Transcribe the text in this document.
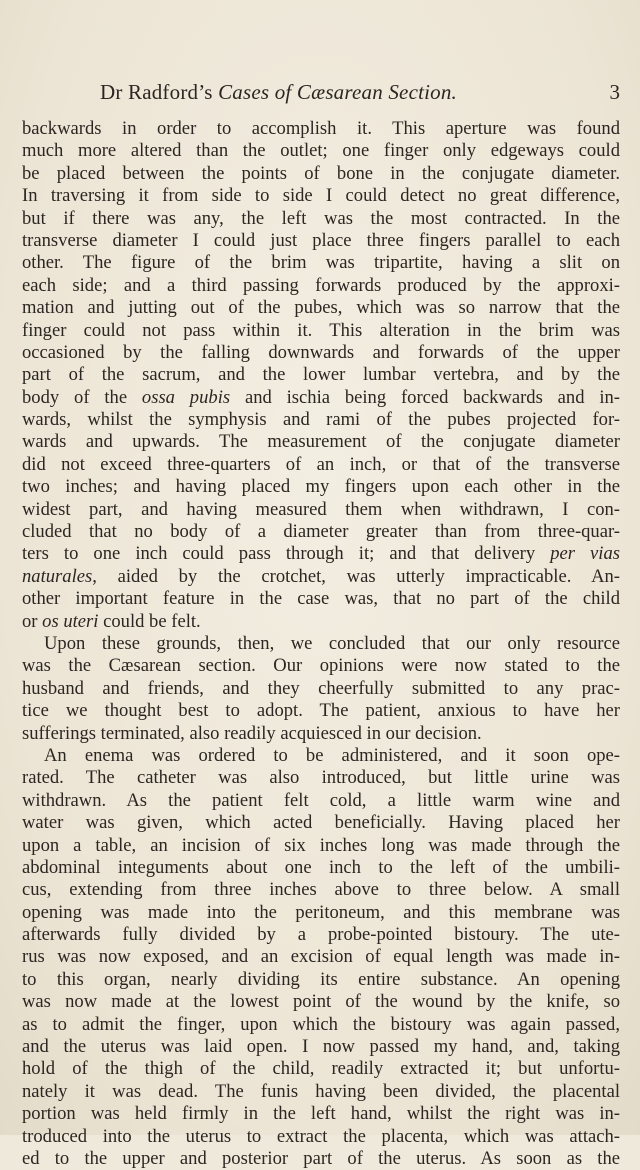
Dr Radford’s Cases of Cæsarean Section.	3
backwards in order to accomplish it. This aperture was found
much more altered than the outlet; one finger only edgeways could
be placed between the points of bone in the conjugate diameter.
In traversing it from side to side I could detect no great difference,
but if there was any, the left was the most contracted. In the
transverse diameter I could just place three fingers parallel to each
other. The figure of the brim was tripartite, having a slit on
each side; and a third passing forwards produced by the approxi-
mation and jutting out of the pubes, which was so narrow that the
finger could not pass within it. This alteration in the brim was
occasioned by the falling downwards and forwards of the upper
part of the sacrum, and the lower lumbar vertebra, and by the
body of the ossa pubis and ischia being forced backwards and in-
wards, whilst the symphysis and rami of the pubes projected for-
wards and upwards. The measurement of the conjugate diameter
did not exceed three-quarters of an inch, or that of the transverse
two inches; and having placed my fingers upon each other in the
widest part, and having measured them when withdrawn, I con-
cluded that no body of a diameter greater than from three-quar-
ters to one inch could pass through it; and that delivery per vias
naturales, aided by the crotchet, was utterly impracticable. An-
other important feature in the case was, that no part of the child
or os uteri could be felt.
Upon these grounds, then, we concluded that our only resource
was the Cæsarean section. Our opinions were now stated to the
husband and friends, and they cheerfully submitted to any prac-
tice we thought best to adopt. The patient, anxious to have her
sufferings terminated, also readily acquiesced in our decision.
An enema was ordered to be administered, and it soon ope-
rated. The catheter was also introduced, but little urine was
withdrawn. As the patient felt cold, a little warm wine and
water was given, which acted beneficially. Having placed her
upon a table, an incision of six inches long was made through the
abdominal integuments about one inch to the left of the umbili-
cus, extending from three inches above to three below. A small
opening was made into the peritoneum, and this membrane was
afterwards fully divided by a probe-pointed bistoury. The ute-
rus was now exposed, and an excision of equal length was made in-
to this organ, nearly dividing its entire substance. An opening
was now made at the lowest point of the wound by the knife, so
as to admit the finger, upon which the bistoury was again passed,
and the uterus was laid open. I now passed my hand, and, taking
hold of the thigh of the child, readily extracted it; but unfortu-
nately it was dead. The funis having been divided, the placental
portion was held firmly in the left hand, whilst the right was in-
troduced into the uterus to extract the placenta, which was attach-
ed to the upper and posterior part of the uterus. As soon as the
